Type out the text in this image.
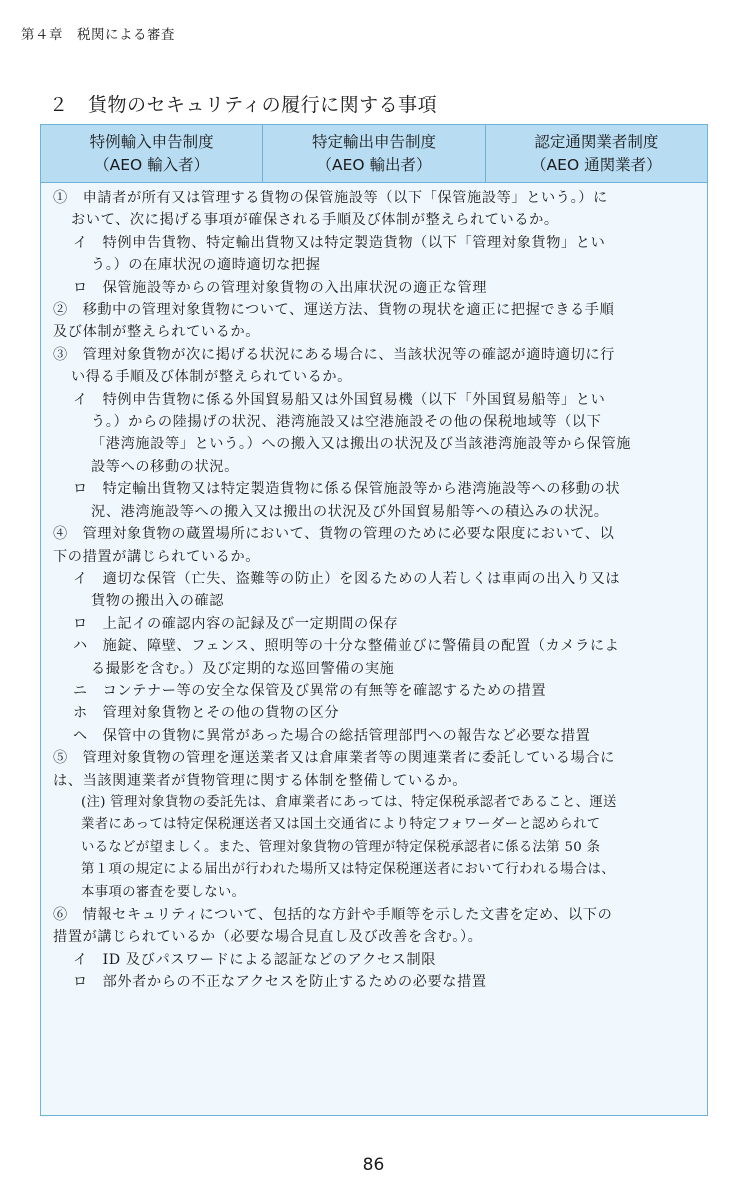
第４章　税関による審査
２　貨物のセキュリティの履行に関する事項
特例輸入申告制度
（AEO 輸入者）
特定輸出申告制度
（AEO 輸出者）
認定通関業者制度
（AEO 通関業者）

①　申請者が所有又は管理する貨物の保管施設等（以下「保管施設等」という。）に

おいて、次に掲げる事項が確保される手順及び体制が整えられているか。

イ　特例申告貨物、特定輸出貨物又は特定製造貨物（以下「管理対象貨物」とい

う。）の在庫状況の適時適切な把握

ロ　保管施設等からの管理対象貨物の入出庫状況の適正な管理

②　移動中の管理対象貨物について、運送方法、貨物の現状を適正に把握できる手順

及び体制が整えられているか。

③　管理対象貨物が次に掲げる状況にある場合に、当該状況等の確認が適時適切に行

い得る手順及び体制が整えられているか。

イ　特例申告貨物に係る外国貿易船又は外国貿易機（以下「外国貿易船等」とい

う。）からの陸揚げの状況、港湾施設又は空港施設その他の保税地域等（以下

「港湾施設等」という。）への搬入又は搬出の状況及び当該港湾施設等から保管施

設等への移動の状況。

ロ　特定輸出貨物又は特定製造貨物に係る保管施設等から港湾施設等への移動の状

況、港湾施設等への搬入又は搬出の状況及び外国貿易船等への積込みの状況。

④　管理対象貨物の蔵置場所において、貨物の管理のために必要な限度において、以

下の措置が講じられているか。

イ　適切な保管（亡失、盗難等の防止）を図るための人若しくは車両の出入り又は

貨物の搬出入の確認

ロ　上記イの確認内容の記録及び一定期間の保存

ハ　施錠、障壁、フェンス、照明等の十分な整備並びに警備員の配置（カメラによ

る撮影を含む。）及び定期的な巡回警備の実施

ニ　コンテナー等の安全な保管及び異常の有無等を確認するための措置

ホ　管理対象貨物とその他の貨物の区分

ヘ　保管中の貨物に異常があった場合の総括管理部門への報告など必要な措置

⑤　管理対象貨物の管理を運送業者又は倉庫業者等の関連業者に委託している場合に

は、当該関連業者が貨物管理に関する体制を整備しているか。

(注) 管理対象貨物の委託先は、倉庫業者にあっては、特定保税承認者であること、運送

業者にあっては特定保税運送者又は国土交通省により特定フォワーダーと認められて

いるなどが望ましく。また、管理対象貨物の管理が特定保税承認者に係る法第 50 条

第１項の規定による届出が行われた場所又は特定保税運送者において行われる場合は、

本事項の審査を要しない。

⑥　情報セキュリティについて、包括的な方針や手順等を示した文書を定め、以下の

措置が講じられているか（必要な場合見直し及び改善を含む。）。

イ　ID 及びパスワードによる認証などのアクセス制限

ロ　部外者からの不正なアクセスを防止するための必要な措置

86
